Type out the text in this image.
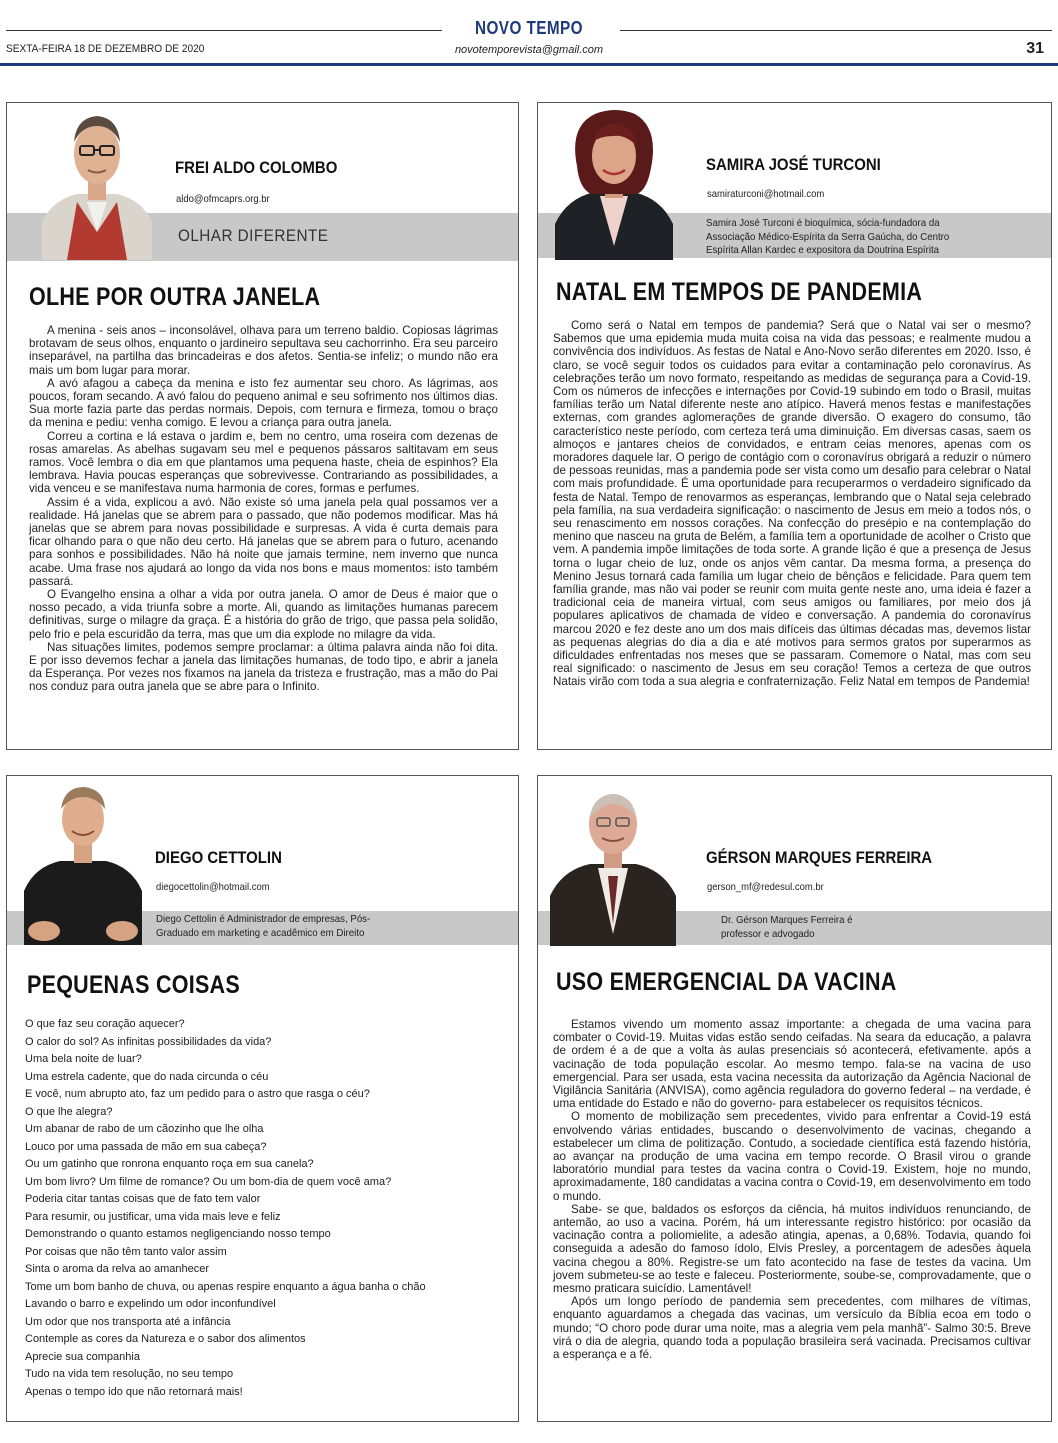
NOVO TEMPO
SEXTA-FEIRA 18 DE DEZEMBRO DE 2020	novotemporevista@gmail.com	31
FREI ALDO COLOMBO
aldo@ofmcaprs.org.br
OLHAR DIFERENTE
OLHE POR OUTRA JANELA

A menina - seis anos – inconsolável, olhava para um terreno baldio. Copiosas lágrimas brotavam de seus olhos, enquanto o jardineiro sepultava seu cachorrinho. Era seu parceiro inseparável, na partilha das brincadeiras e dos afetos. Sentia-se infeliz; o mundo não era mais um bom lugar para morar.

A avó afagou a cabeça da menina e isto fez aumentar seu choro. As lágrimas, aos poucos, foram secando. A avó falou do pequeno animal e seu sofrimento nos últimos dias. Sua morte fazia parte das perdas normais. Depois, com ternura e firmeza, tomou o braço da menina e pediu: venha comigo. E levou a criança para outra janela.

Correu a cortina e lá estava o jardim e, bem no centro, uma roseira com dezenas de rosas amarelas. As abelhas sugavam seu mel e pequenos pássaros saltitavam em seus ramos. Você lembra o dia em que plantamos uma pequena haste, cheia de espinhos? Ela lembrava. Havia poucas esperanças que sobrevivesse. Contrariando as possibilidades, a vida venceu e se manifestava numa harmonia de cores, formas e perfumes.

Assim é a vida, explicou a avó. Não existe só uma janela pela qual possamos ver a realidade. Há janelas que se abrem para o passado, que não podemos modificar. Mas há janelas que se abrem para novas possibilidade e surpresas. A vida é curta demais para ficar olhando para o que não deu certo. Há janelas que se abrem para o futuro, acenando para sonhos e possibilidades. Não há noite que jamais termine, nem inverno que nunca acabe. Uma frase nos ajudará ao longo da vida nos bons e maus momentos: isto também passará.

O Evangelho ensina a olhar a vida por outra janela. O amor de Deus é maior que o nosso pecado, a vida triunfa sobre a morte. Ali, quando as limitações humanas parecem definitivas, surge o milagre da graça. É a história do grão de trigo, que passa pela solidão, pelo frio e pela escuridão da terra, mas que um dia explode no milagre da vida.

Nas situações limites, podemos sempre proclamar: a última palavra ainda não foi dita. E por isso devemos fechar a janela das limitações humanas, de todo tipo, e abrir a janela da Esperança. Por vezes nos fixamos na janela da tristeza e frustração, mas a mão do Pai nos conduz para outra janela que se abre para o Infinito.

SAMIRA JOSÉ TURCONI
samiraturconi@hotmail.com
Samira José Turconi é bioquímica, sócia-fundadora da Associação Médico-Espírita da Serra Gaúcha, do Centro Espírita Allan Kardec e expositora da Doutrina Espírita
NATAL EM TEMPOS DE PANDEMIA

Como será o Natal em tempos de pandemia? Será que o Natal vai ser o mesmo? Sabemos que uma epidemia muda muita coisa na vida das pessoas; e realmente mudou a convivência dos indivíduos. As festas de Natal e Ano-Novo serão diferentes em 2020. Isso, é claro, se você seguir todos os cuidados para evitar a contaminação pelo coronavírus. As celebrações terão um novo formato, respeitando as medidas de segurança para a Covid-19. Com os números de infecções e internações por Covid-19 subindo em todo o Brasil, muitas famílias terão um Natal diferente neste ano atípico. Haverá menos festas e manifestações externas, com grandes aglomerações de grande diversão. O exagero do consumo, tão característico neste período, com certeza terá uma diminuição. Em diversas casas, saem os almoços e jantares cheios de convidados, e entram ceias menores, apenas com os moradores daquele lar. O perigo de contágio com o coronavírus obrigará a reduzir o número de pessoas reunidas, mas a pandemia pode ser vista como um desafio para celebrar o Natal com mais profundidade. É uma oportunidade para recuperarmos o verdadeiro significado da festa de Natal. Tempo de renovarmos as esperanças, lembrando que o Natal seja celebrado pela família, na sua verdadeira significação: o nascimento de Jesus em meio a todos nós, o seu renascimento em nossos corações. Na confecção do presépio e na contemplação do menino que nasceu na gruta de Belém, a família tem a oportunidade de acolher o Cristo que vem. A pandemia impõe limitações de toda sorte. A grande lição é que a presença de Jesus torna o lugar cheio de luz, onde os anjos vêm cantar. Da mesma forma, a presença do Menino Jesus tornará cada família um lugar cheio de bênçãos e felicidade. Para quem tem família grande, mas não vai poder se reunir com muita gente neste ano, uma ideia é fazer a tradicional ceia de maneira virtual, com seus amigos ou familiares, por meio dos já populares aplicativos de chamada de vídeo e conversação. A pandemia do coronavírus marcou 2020 e fez deste ano um dos mais difíceis das últimas décadas mas, devemos listar as pequenas alegrias do dia a dia e até motivos para sermos gratos por superarmos as dificuldades enfrentadas nos meses que se passaram. Comemore o Natal, mas com seu real significado: o nascimento de Jesus em seu coração! Temos a certeza de que outros Natais virão com toda a sua alegria e confraternização. Feliz Natal em tempos de Pandemia!

DIEGO CETTOLIN
diegocettolin@hotmail.com
Diego Cettolin é Administrador de empresas, Pós-Graduado em marketing e acadêmico em Direito
PEQUENAS COISAS
O que faz seu coração aquecer?
O calor do sol? As infinitas possibilidades da vida?
Uma bela noite de luar?
Uma estrela cadente, que do nada circunda o céu
E você, num abrupto ato, faz um pedido para o astro que rasga o céu?
O que lhe alegra?
Um abanar de rabo de um cãozinho que lhe olha
Louco por uma passada de mão em sua cabeça?
Ou um gatinho que ronrona enquanto roça em sua canela?
Um bom livro? Um filme de romance? Ou um bom-dia de quem você ama?
Poderia citar tantas coisas que de fato tem valor
Para resumir, ou justificar, uma vida mais leve e feliz
Demonstrando o quanto estamos negligenciando nosso tempo
Por coisas que não têm tanto valor assim
Sinta o aroma da relva ao amanhecer
Tome um bom banho de chuva, ou apenas respire enquanto a água banha o chão
Lavando o barro e expelindo um odor inconfundível
Um odor que nos transporta até a infância
Contemple as cores da Natureza e o sabor dos alimentos
Aprecie sua companhia
Tudo na vida tem resolução, no seu tempo
Apenas o tempo ido que não retornará mais!
GÉRSON MARQUES FERREIRA
gerson_mf@redesul.com.br
Dr. Gérson Marques Ferreira é professor e advogado
USO EMERGENCIAL DA VACINA

Estamos vivendo um momento assaz importante: a chegada de uma vacina para combater o Covid-19. Muitas vidas estão sendo ceifadas. Na seara da educação, a palavra de ordem é a de que a volta às aulas presenciais só acontecerá, efetivamente. após a vacinação de toda população escolar. Ao mesmo tempo. fala-se na vacina de uso emergencial. Para ser usada, esta vacina necessita da autorização da Agência Nacional de Vigilância Sanitária (ANVISA), como agência reguladora do governo federal – na verdade, é uma entidade do Estado e não do governo- para estabelecer os requisitos técnicos.

O momento de mobilização sem precedentes, vivido para enfrentar a Covid-19 está envolvendo várias entidades, buscando o desenvolvimento de vacinas, chegando a estabelecer um clima de politização. Contudo, a sociedade científica está fazendo história, ao avançar na produção de uma vacina em tempo recorde. O Brasil virou o grande laboratório mundial para testes da vacina contra o Covid-19. Existem, hoje no mundo, aproximadamente, 180 candidatas a vacina contra o Covid-19, em desenvolvimento em todo o mundo.

Sabe- se que, baldados os esforços da ciência, há muitos indivíduos renunciando, de antemão, ao uso a vacina. Porém, há um interessante registro histórico: por ocasião da vacinação contra a poliomielite, a adesão atingia, apenas, a 0,68%. Todavia, quando foi conseguida a adesão do famoso ídolo, Elvis Presley, a porcentagem de adesões àquela vacina chegou a 80%. Registre-se um fato acontecido na fase de testes da vacina. Um jovem submeteu-se ao teste e faleceu. Posteriormente, soube-se, comprovadamente, que o mesmo praticara suicídio. Lamentável!

Após um longo período de pandemia sem precedentes, com milhares de vítimas, enquanto aguardamos a chegada das vacinas, um versículo da Bíblia ecoa em todo o mundo; “O choro pode durar uma noite, mas a alegria vem pela manhã”- Salmo 30:5. Breve virá o dia de alegria, quando toda a população brasileira será vacinada. Precisamos cultivar a esperança e a fé.
